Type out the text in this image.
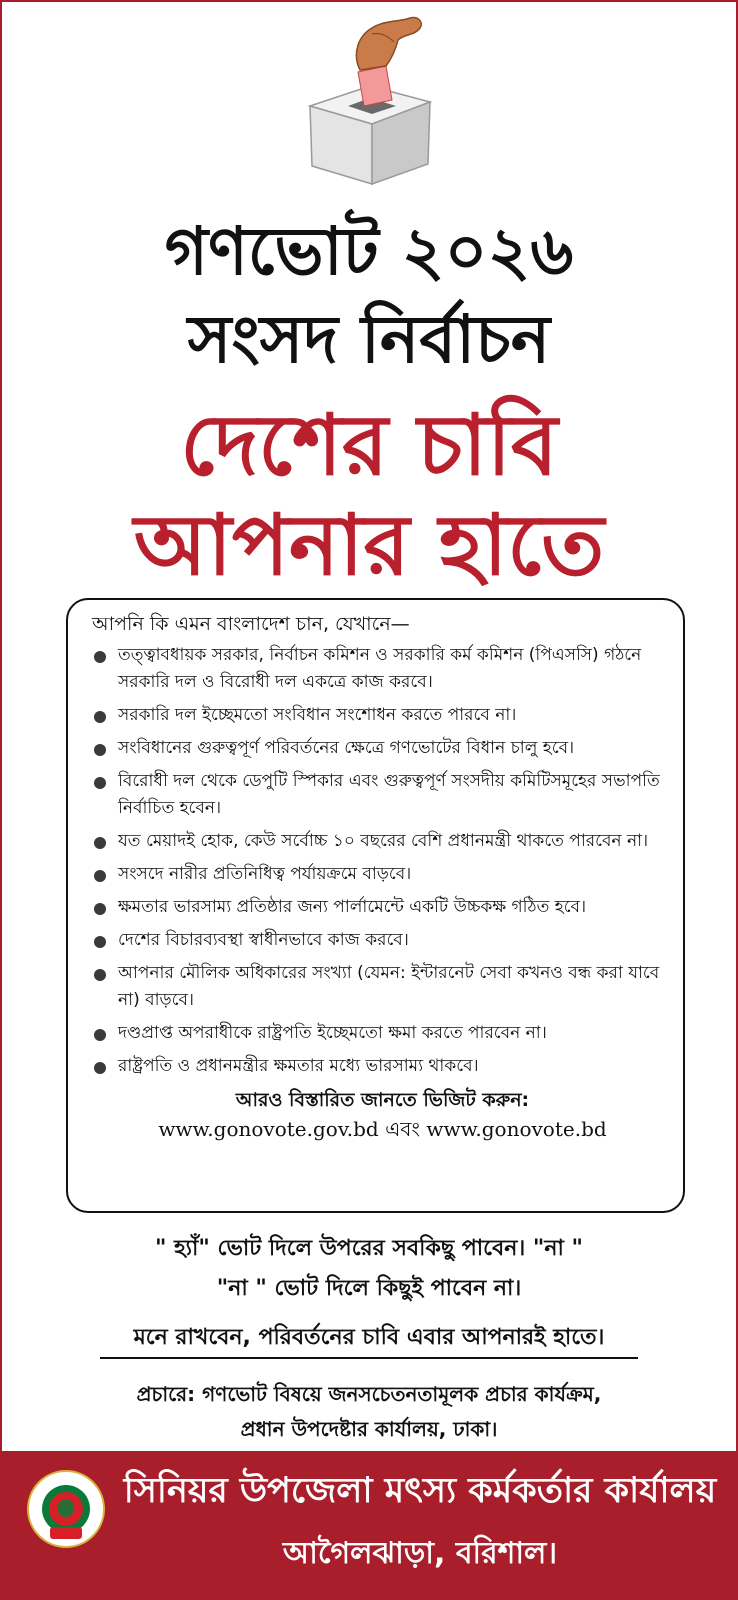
গণভোট ২০২৬
সংসদ নির্বাচন
দেশের চাবি
আপনার হাতে
আপনি কি এমন বাংলাদেশ চান, যেখানে—
তত্ত্বাবধায়ক সরকার, নির্বাচন কমিশন ও সরকারি কর্ম কমিশন (পিএসসি) গঠনে সরকারি দল ও বিরোধী দল একত্রে কাজ করবে।
সরকারি দল ইচ্ছেমতো সংবিধান সংশোধন করতে পারবে না।
সংবিধানের গুরুত্বপূর্ণ পরিবর্তনের ক্ষেত্রে গণভোটের বিধান চালু হবে।
বিরোধী দল থেকে ডেপুটি স্পিকার এবং গুরুত্বপূর্ণ সংসদীয় কমিটিসমূহের সভাপতি নির্বাচিত হবেন।
যত মেয়াদই হোক, কেউ সর্বোচ্চ ১০ বছরের বেশি প্রধানমন্ত্রী থাকতে পারবেন না।
সংসদে নারীর প্রতিনিধিত্ব পর্যায়ক্রমে বাড়বে।
ক্ষমতার ভারসাম্য প্রতিষ্ঠার জন্য পার্লামেন্টে একটি উচ্চকক্ষ গঠিত হবে।
দেশের বিচারব্যবস্থা স্বাধীনভাবে কাজ করবে।
আপনার মৌলিক অধিকারের সংখ্যা (যেমন: ইন্টারনেট সেবা কখনও বন্ধ করা যাবে না) বাড়বে।
দণ্ডপ্রাপ্ত অপরাধীকে রাষ্ট্রপতি ইচ্ছেমতো ক্ষমা করতে পারবেন না।
রাষ্ট্রপতি ও প্রধানমন্ত্রীর ক্ষমতার মধ্যে ভারসাম্য থাকবে।
আরও বিস্তারিত জানতে ভিজিট করুন:
www.gonovote.gov.bd এবং www.gonovote.bd
" হ্যাঁ" ভোট দিলে উপরের সবকিছু পাবেন। "না "
"না " ভোট দিলে কিছুই পাবেন না।
মনে রাখবেন, পরিবর্তনের চাবি এবার আপনারই হাতে।
প্রচারে: গণভোট বিষয়ে জনসচেতনতামূলক প্রচার কার্যক্রম,
প্রধান উপদেষ্টার কার্যালয়, ঢাকা।
সিনিয়র উপজেলা মৎস্য কর্মকর্তার কার্যালয়
আগৈলঝাড়া, বরিশাল।
